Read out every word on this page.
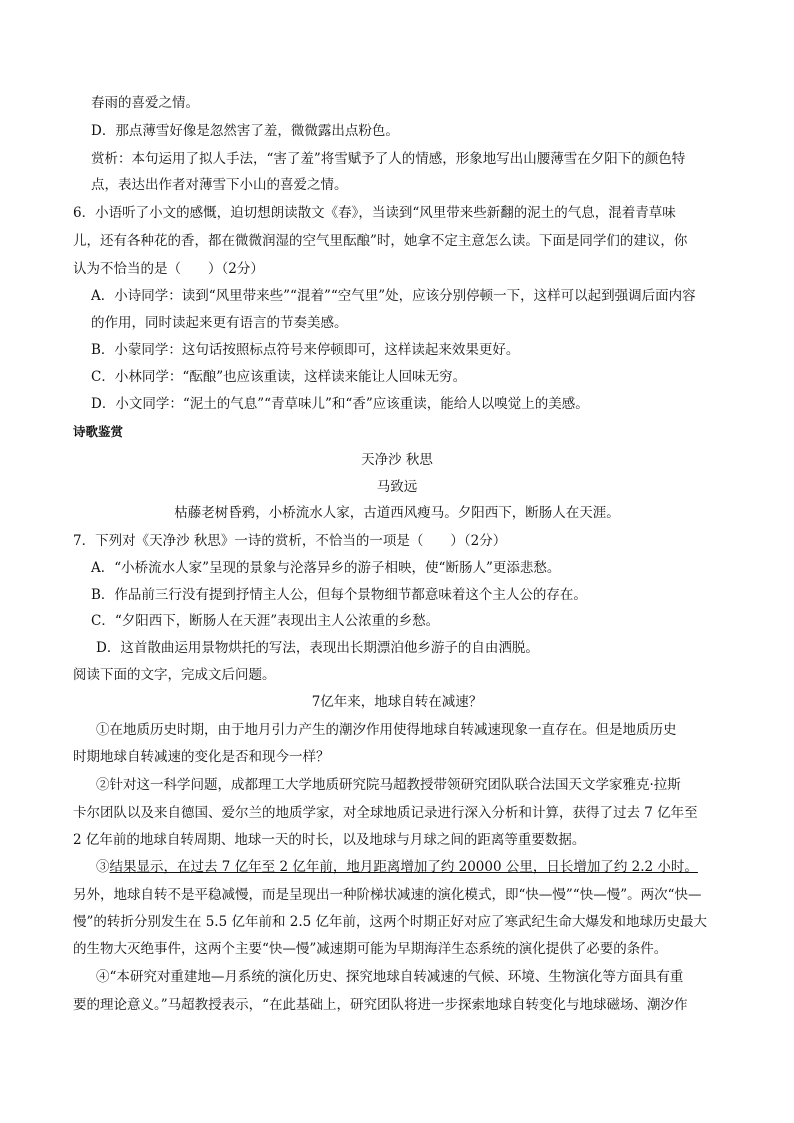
春雨的喜爱之情。
D．那点薄雪好像是忽然害了羞，微微露出点粉色。
赏析：本句运用了拟人手法，“害了羞”将雪赋予了人的情感，形象地写出山腰薄雪在夕阳下的颜色特
点，表达出作者对薄雪下小山的喜爱之情。
6．小语听了小文的感慨，迫切想朗读散文《春》，当读到“风里带来些新翻的泥土的气息，混着青草味
儿，还有各种花的香，都在微微润湿的空气里酝酿”时，她拿不定主意怎么读。下面是同学们的建议，你
认为不恰当的是（　　）（2分）
A．小诗同学：读到“风里带来些”“混着”“空气里”处，应该分别停顿一下，这样可以起到强调后面内容
的作用，同时读起来更有语言的节奏美感。
B．小蒙同学：这句话按照标点符号来停顿即可，这样读起来效果更好。
C．小林同学：“酝酿”也应该重读，这样读来能让人回味无穷。
D．小文同学：“泥土的气息”“青草味儿”和“香”应该重读，能给人以嗅觉上的美感。
诗歌鉴赏
天净沙 秋思
马致远
枯藤老树昏鸦，小桥流水人家，古道西风瘦马。夕阳西下，断肠人在天涯。
7．下列对《天净沙 秋思》一诗的赏析，不恰当的一项是（　　）（2分）
A．“小桥流水人家”呈现的景象与沦落异乡的游子相映，使“断肠人”更添悲愁。
B．作品前三行没有提到抒情主人公，但每个景物细节都意味着这个主人公的存在。
C．“夕阳西下，断肠人在天涯”表现出主人公浓重的乡愁。
D．这首散曲运用景物烘托的写法，表现出长期漂泊他乡游子的自由洒脱。
阅读下面的文字，完成文后问题。
7亿年来，地球自转在减速？
①在地质历史时期，由于地月引力产生的潮汐作用使得地球自转减速现象一直存在。但是地质历史
时期地球自转减速的变化是否和现今一样？
②针对这一科学问题，成都理工大学地质研究院马超教授带领研究团队联合法国天文学家雅克·拉斯
卡尔团队以及来自德国、爱尔兰的地质学家，对全球地质记录进行深入分析和计算，获得了过去 7 亿年至
2 亿年前的地球自转周期、地球一天的时长，以及地球与月球之间的距离等重要数据。
③结果显示，在过去 7 亿年至 2 亿年前，地月距离增加了约 20000 公里，日长增加了约 2.2 小时。
另外，地球自转不是平稳减慢，而是呈现出一种阶梯状减速的演化模式，即“快—慢”“快—慢”。两次“快—
慢”的转折分别发生在 5.5 亿年前和 2.5 亿年前，这两个时期正好对应了寒武纪生命大爆发和地球历史最大
的生物大灭绝事件，这两个主要“快—慢”减速期可能为早期海洋生态系统的演化提供了必要的条件。
④“本研究对重建地—月系统的演化历史、探究地球自转减速的气候、环境、生物演化等方面具有重
要的理论意义。”马超教授表示，“在此基础上，研究团队将进一步探索地球自转变化与地球磁场、潮汐作
